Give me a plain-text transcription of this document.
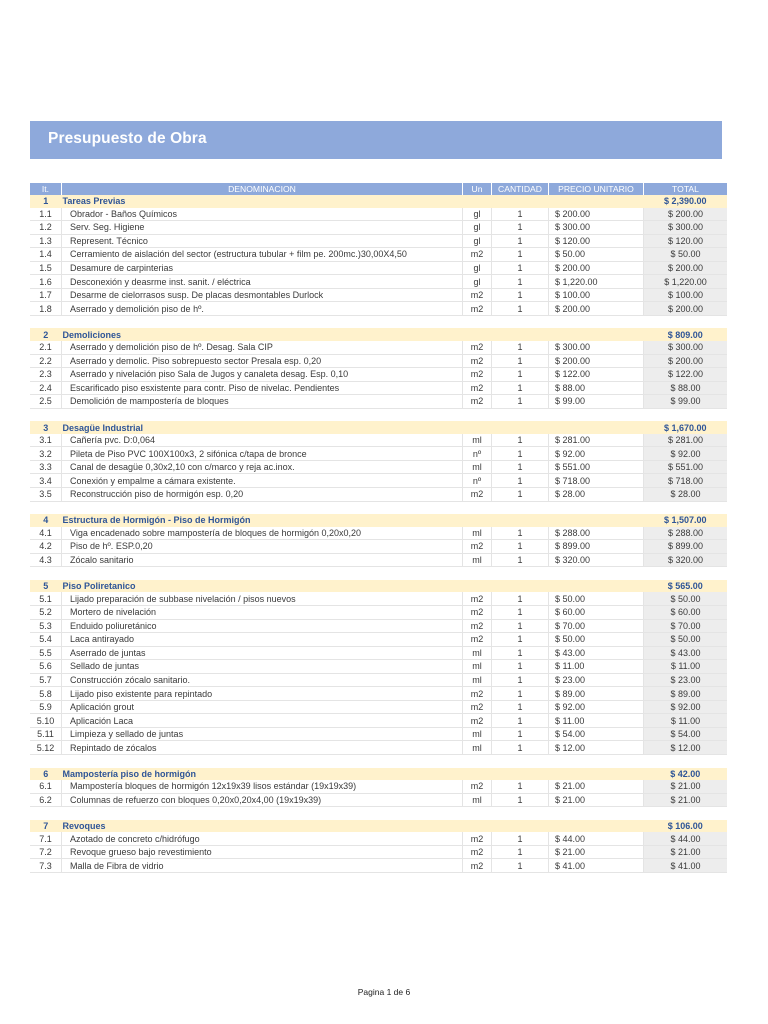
Presupuesto de Obra
It.	DENOMINACION	Un	CANTIDAD	PRECIO UNITARIO	TOTAL
1	Tareas Previas				$ 2,390.00
1.1	Obrador - Baños Químicos	gl	1	$ 200.00	$ 200.00
1.2	Serv. Seg. Higiene	gl	1	$ 300.00	$ 300.00
1.3	Represent. Técnico	gl	1	$ 120.00	$ 120.00
1.4	Cerramiento de aislación del sector (estructura tubular + film pe. 200mc.)30,00X4,50	m2	1	$ 50.00	$ 50.00
1.5	Desamure de carpinterias	gl	1	$ 200.00	$ 200.00
1.6	Desconexión y deasrme inst. sanit. / eléctrica	gl	1	$ 1,220.00	$ 1,220.00
1.7	Desarme de cielorrasos susp. De placas desmontables Durlock	m2	1	$ 100.00	$ 100.00
1.8	Aserrado y demolición piso de hº.	m2	1	$ 200.00	$ 200.00

2	Demoliciones				$ 809.00
2.1	Aserrado y demolición piso de hº. Desag. Sala CIP	m2	1	$ 300.00	$ 300.00
2.2	Aserrado y demolic. Piso sobrepuesto sector Presala esp. 0,20	m2	1	$ 200.00	$ 200.00
2.3	Aserrado y nivelación piso Sala de Jugos y canaleta desag. Esp. 0,10	m2	1	$ 122.00	$ 122.00
2.4	Escarificado piso esxistente para contr. Piso de nivelac. Pendientes	m2	1	$ 88.00	$ 88.00
2.5	Demolición de mampostería de bloques	m2	1	$ 99.00	$ 99.00

3	Desagüe Industrial				$ 1,670.00
3.1	Cañería pvc. D:0,064	ml	1	$ 281.00	$ 281.00
3.2	Pileta de Piso PVC 100X100x3, 2 sifónica c/tapa de bronce	nº	1	$ 92.00	$ 92.00
3.3	Canal de desagüe 0,30x2,10 con c/marco y reja ac.inox.	ml	1	$ 551.00	$ 551.00
3.4	Conexión y empalme a cámara existente.	nº	1	$ 718.00	$ 718.00
3.5	Reconstrucción piso de hormigón esp. 0,20	m2	1	$ 28.00	$ 28.00

4	Estructura de Hormigón - Piso de Hormigón				$ 1,507.00
4.1	Viga encadenado sobre mampostería de bloques de hormigón 0,20x0,20	ml	1	$ 288.00	$ 288.00
4.2	Piso de hº. ESP.0,20	m2	1	$ 899.00	$ 899.00
4.3	Zócalo sanitario	ml	1	$ 320.00	$ 320.00

5	Piso Poliretanico				$ 565.00
5.1	Lijado preparación de subbase nivelación / pisos nuevos	m2	1	$ 50.00	$ 50.00
5.2	Mortero de nivelación	m2	1	$ 60.00	$ 60.00
5.3	Enduido poliuretánico	m2	1	$ 70.00	$ 70.00
5.4	Laca antirayado	m2	1	$ 50.00	$ 50.00
5.5	Aserrado de juntas	ml	1	$ 43.00	$ 43.00
5.6	Sellado de juntas	ml	1	$ 11.00	$ 11.00
5.7	Construcción zócalo sanitario.	ml	1	$ 23.00	$ 23.00
5.8	Lijado piso existente para repintado	m2	1	$ 89.00	$ 89.00
5.9	Aplicación grout	m2	1	$ 92.00	$ 92.00
5.10	Aplicación Laca	m2	1	$ 11.00	$ 11.00
5.11	Limpieza y sellado de juntas	ml	1	$ 54.00	$ 54.00
5.12	Repintado de zócalos	ml	1	$ 12.00	$ 12.00

6	Mampostería piso de hormigón				$ 42.00
6.1	Mampostería bloques de hormigón 12x19x39 lisos estándar (19x19x39)	m2	1	$ 21.00	$ 21.00
6.2	Columnas de refuerzo con bloques 0,20x0,20x4,00 (19x19x39)	ml	1	$ 21.00	$ 21.00

7	Revoques				$ 106.00
7.1	Azotado de concreto c/hidrófugo	m2	1	$ 44.00	$ 44.00
7.2	Revoque grueso bajo revestimiento	m2	1	$ 21.00	$ 21.00
7.3	Malla de Fibra de vidrio	m2	1	$ 41.00	$ 41.00
Pagina 1 de 6
